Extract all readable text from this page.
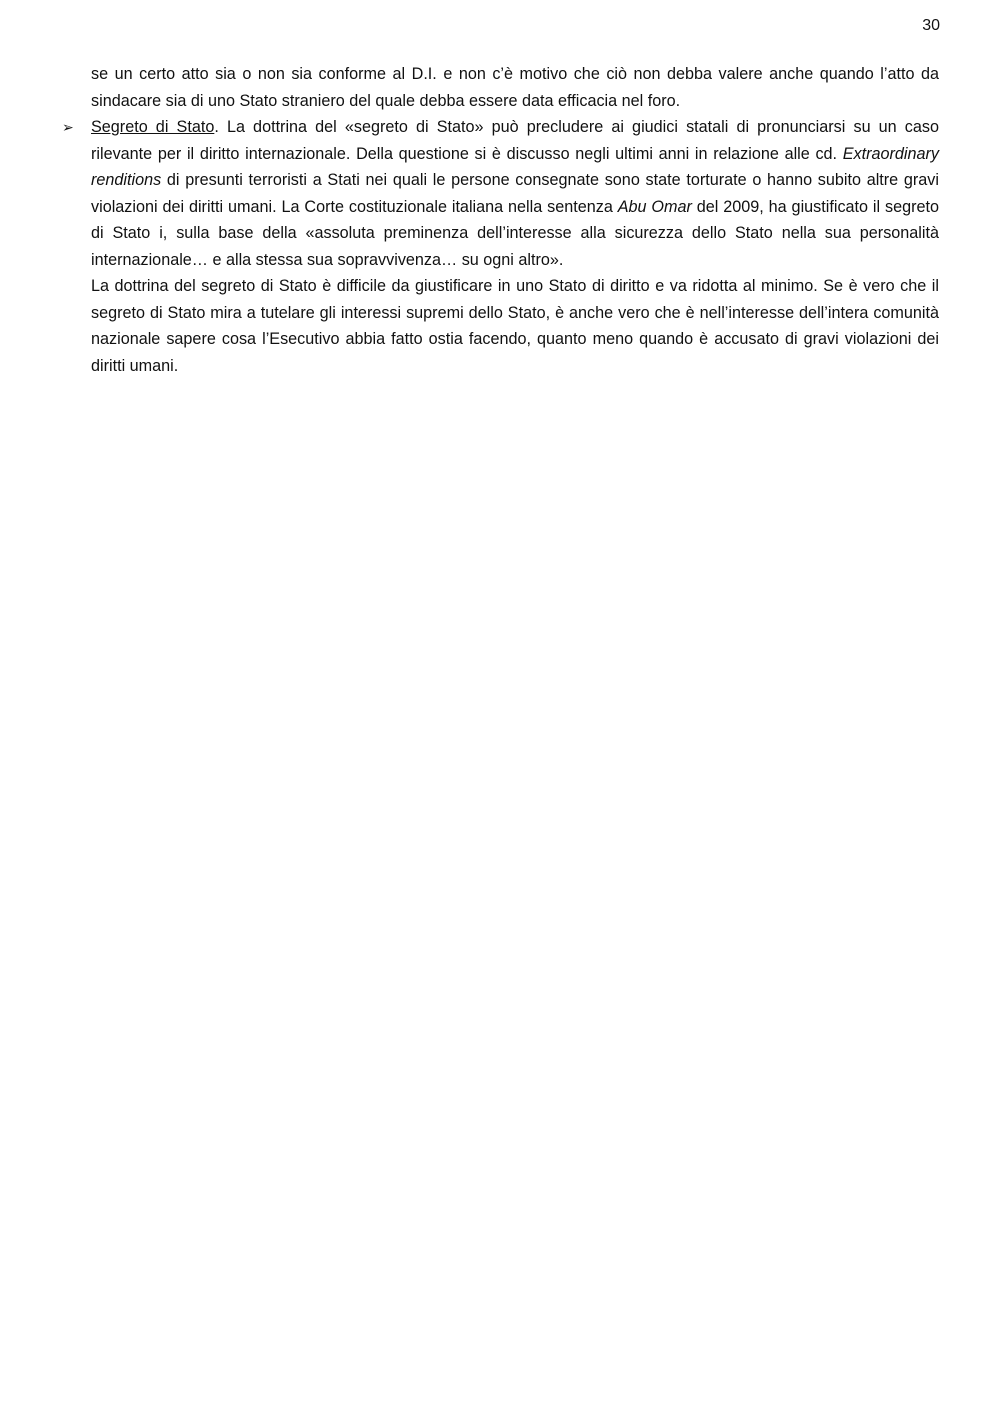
30

se un certo atto sia o non sia conforme al D.I. e non c’è motivo che ciò non debba valere anche quando l’atto da sindacare sia di uno Stato straniero del quale debba essere data efficacia nel foro.

➢ Segreto di Stato. La dottrina del «segreto di Stato» può precludere ai giudici statali di pronunciarsi su un caso rilevante per il diritto internazionale. Della questione si è discusso negli ultimi anni in relazione alle cd. Extraordinary renditions di presunti terroristi a Stati nei quali le persone consegnate sono state torturate o hanno subito altre gravi violazioni dei diritti umani. La Corte costituzionale italiana nella sentenza Abu Omar del 2009, ha giustificato il segreto di Stato i, sulla base della «assoluta preminenza dell’interesse alla sicurezza dello Stato nella sua personalità internazionale… e alla stessa sua sopravvivenza… su ogni altro».

La dottrina del segreto di Stato è difficile da giustificare in uno Stato di diritto e va ridotta al minimo. Se è vero che il segreto di Stato mira a tutelare gli interessi supremi dello Stato, è anche vero che è nell’interesse dell’intera comunità nazionale sapere cosa l’Esecutivo abbia fatto ostia facendo, quanto meno quando è accusato di gravi violazioni dei diritti umani.
